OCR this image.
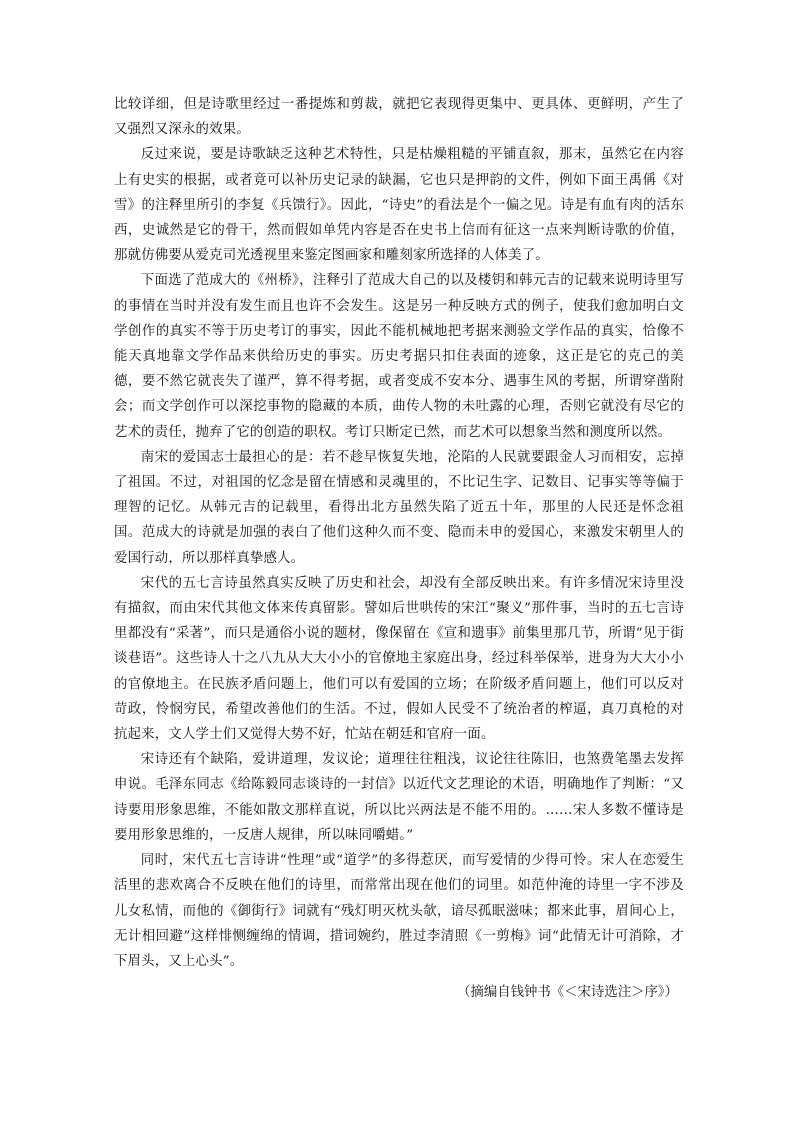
比较详细，但是诗歌里经过一番提炼和剪裁，就把它表现得更集中、更具体、更鲜明，产生了又强烈又深永的效果。

反过来说，要是诗歌缺乏这种艺术特性，只是枯燥粗糙的平铺直叙，那末，虽然它在内容上有史实的根据，或者竟可以补历史记录的缺漏，它也只是押韵的文件，例如下面王禹偁《对雪》的注释里所引的李复《兵馈行》。因此，“诗史”的看法是个一偏之见。诗是有血有肉的活东西，史诚然是它的骨干，然而假如单凭内容是否在史书上信而有征这一点来判断诗歌的价值，那就仿佛要从爱克司光透视里来鉴定图画家和雕刻家所选择的人体美了。

下面选了范成大的《州桥》，注释引了范成大自己的以及楼钥和韩元吉的记载来说明诗里写的事情在当时并没有发生而且也许不会发生。这是另一种反映方式的例子，使我们愈加明白文学创作的真实不等于历史考订的事实，因此不能机械地把考据来测验文学作品的真实，恰像不能天真地靠文学作品来供给历史的事实。历史考据只扣住表面的迹象，这正是它的克己的美德，要不然它就丧失了谨严，算不得考据，或者变成不安本分、遇事生风的考据，所谓穿凿附会；而文学创作可以深挖事物的隐藏的本质，曲传人物的未吐露的心理，否则它就没有尽它的艺术的责任，抛弃了它的创造的职权。考订只断定已然，而艺术可以想象当然和测度所以然。

南宋的爱国志士最担心的是：若不趁早恢复失地，沦陷的人民就要跟金人习而相安，忘掉了祖国。不过，对祖国的忆念是留在情感和灵魂里的，不比记生字、记数目、记事实等等偏于理智的记忆。从韩元吉的记载里，看得出北方虽然失陷了近五十年，那里的人民还是怀念祖国。范成大的诗就是加强的表白了他们这种久而不变、隐而未申的爱国心，来激发宋朝里人的爱国行动，所以那样真挚感人。

宋代的五七言诗虽然真实反映了历史和社会，却没有全部反映出来。有许多情况宋诗里没有描叙，而由宋代其他文体来传真留影。譬如后世哄传的宋江“聚义”那件事，当时的五七言诗里都没有“采著”，而只是通俗小说的题材，像保留在《宣和遗事》前集里那几节，所谓“见于街谈巷语”。这些诗人十之八九从大大小小的官僚地主家庭出身，经过科举保举，进身为大大小小的官僚地主。在民族矛盾问题上，他们可以有爱国的立场；在阶级矛盾问题上，他们可以反对苛政，怜悯穷民，希望改善他们的生活。不过，假如人民受不了统治者的榨逼，真刀真枪的对抗起来，文人学士们又觉得大势不好，忙站在朝廷和官府一面。

宋诗还有个缺陷，爱讲道理，发议论；道理往往粗浅，议论往往陈旧，也煞费笔墨去发挥申说。毛泽东同志《给陈毅同志谈诗的一封信》以近代文艺理论的术语，明确地作了判断：“又诗要用形象思维，不能如散文那样直说，所以比兴两法是不能不用的。……宋人多数不懂诗是要用形象思维的，一反唐人规律，所以味同嚼蜡。”

同时，宋代五七言诗讲“性理”或“道学”的多得惹厌，而写爱情的少得可怜。宋人在恋爱生活里的悲欢离合不反映在他们的诗里，而常常出现在他们的词里。如范仲淹的诗里一字不涉及儿女私情，而他的《御街行》词就有“残灯明灭枕头欹，谙尽孤眠滋味；都来此事，眉间心上，无计相回避”这样悱恻缠绵的情调，措词婉约，胜过李清照《一剪梅》词“此情无计可消除，才下眉头，又上心头”。

（摘编自钱钟书《＜宋诗选注＞序》）
